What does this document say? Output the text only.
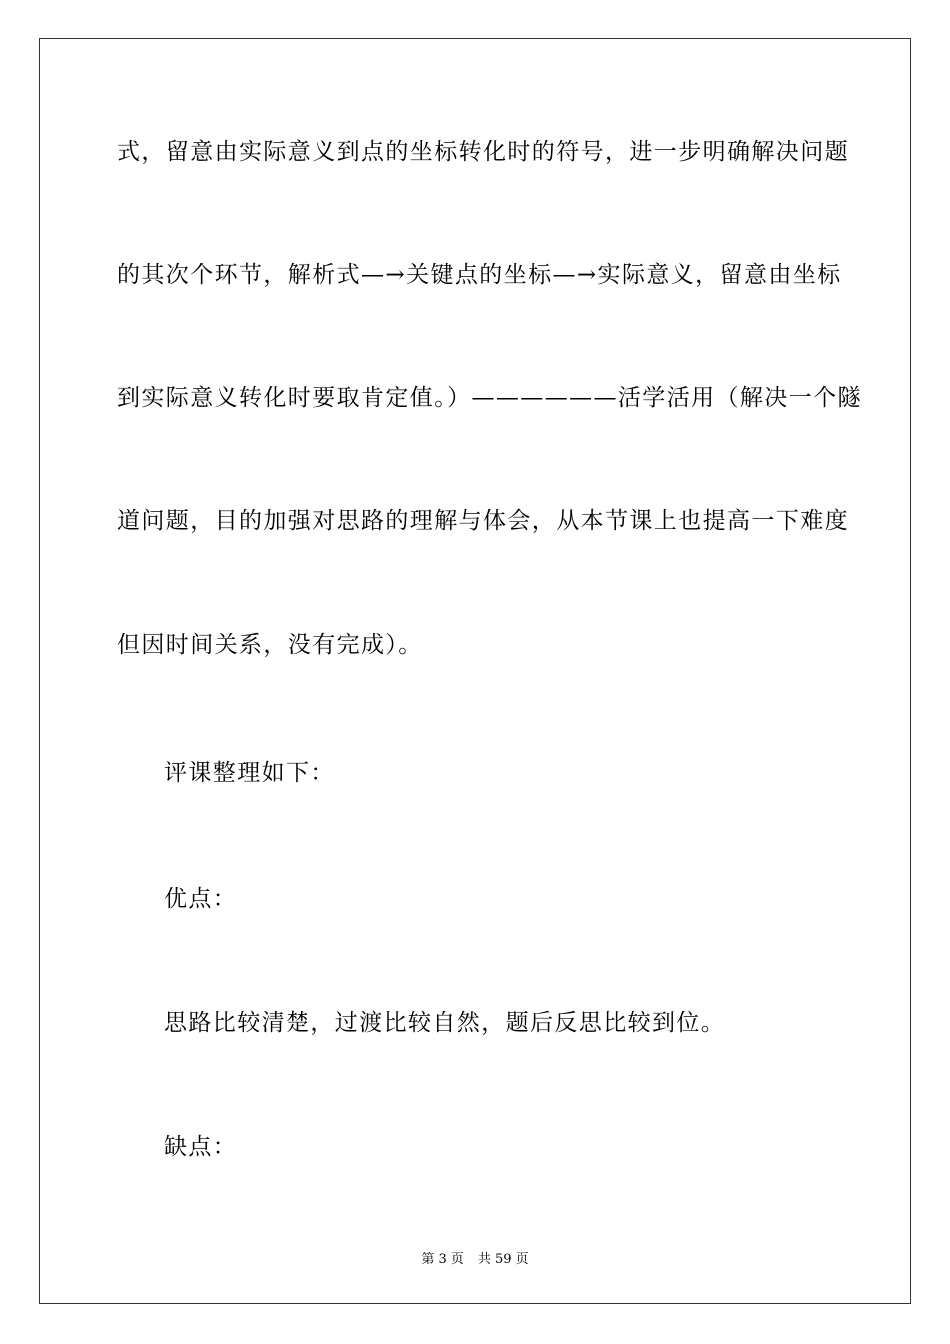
式，留意由实际意义到点的坐标转化时的符号，进一步明确解决问题
的其次个环节，解析式—→关键点的坐标—→实际意义，留意由坐标
到实际意义转化时要取肯定值。）——————活学活用（解决一个隧
道问题，目的加强对思路的理解与体会，从本节课上也提高一下难度
但因时间关系，没有完成）。
评课整理如下：
优点：
思路比较清楚，过渡比较自然，题后反思比较到位。
缺点：
第 3 页 共 59 页
